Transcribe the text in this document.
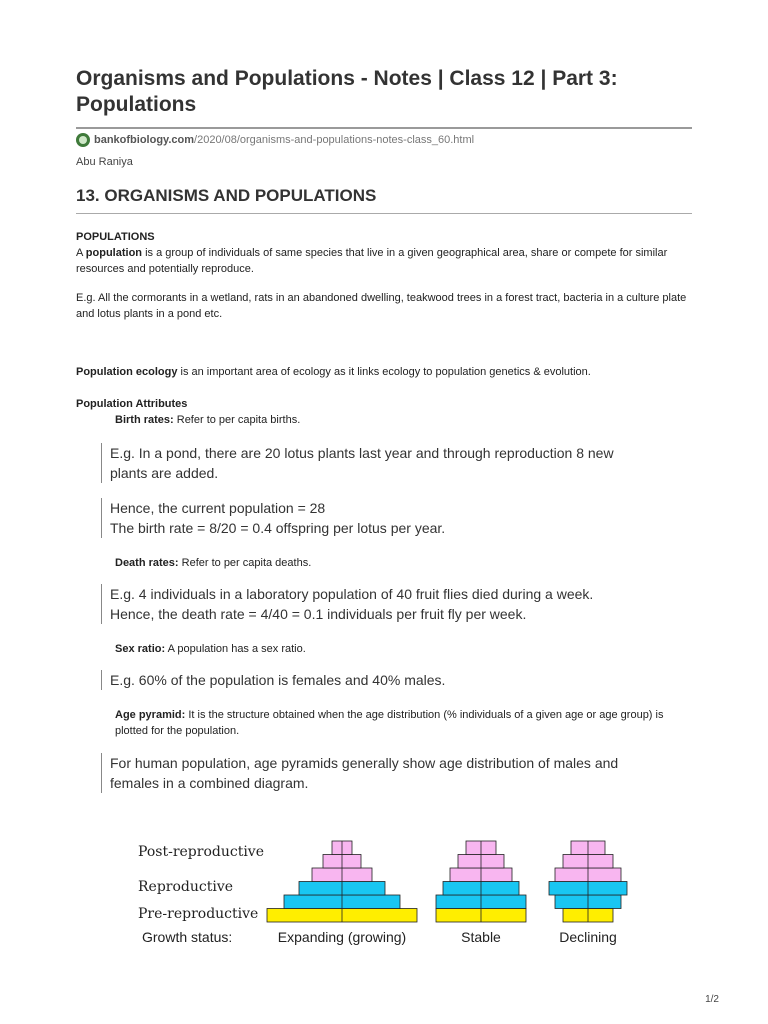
Organisms and Populations - Notes | Class 12 | Part 3: Populations
bankofbiology.com/2020/08/organisms-and-populations-notes-class_60.html
Abu Raniya
13. ORGANISMS AND POPULATIONS
POPULATIONS
A population is a group of individuals of same species that live in a given geographical area, share or compete for similar resources and potentially reproduce.
E.g. All the cormorants in a wetland, rats in an abandoned dwelling, teakwood trees in a forest tract, bacteria in a culture plate and lotus plants in a pond etc.
Population ecology is an important area of ecology as it links ecology to population genetics & evolution.
Population Attributes
Birth rates: Refer to per capita births.
E.g. In a pond, there are 20 lotus plants last year and through reproduction 8 new
plants are added.
Hence, the current population = 28
The birth rate = 8/20 = 0.4 offspring per lotus per year.
Death rates: Refer to per capita deaths.
E.g. 4 individuals in a laboratory population of 40 fruit flies died during a week.
Hence, the death rate = 4/40 = 0.1 individuals per fruit fly per week.
Sex ratio: A population has a sex ratio.
E.g. 60% of the population is females and 40% males.
Age pyramid: It is the structure obtained when the age distribution (% individuals of a given age or age group) is plotted for the population.
For human population, age pyramids generally show age distribution of males and
females in a combined diagram.
Post-reproductive
Reproductive
Pre-reproductive
Growth status:	Expanding (growing)	Stable	Declining
1/2
